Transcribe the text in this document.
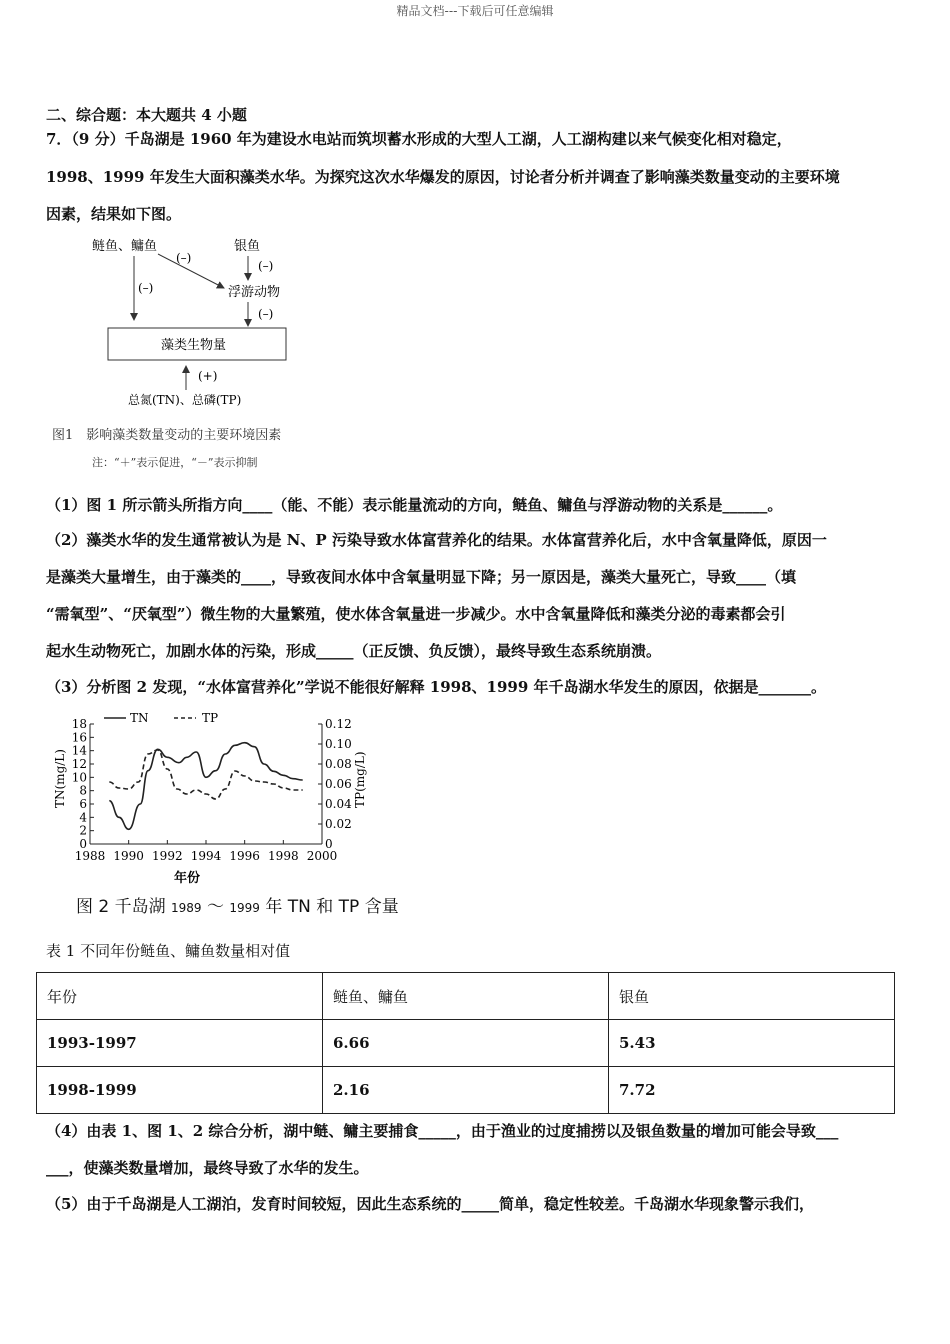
精品文档---下载后可任意编辑
二、综合题：本大题共 4 小题
7．（9 分）千岛湖是 1960 年为建设水电站而筑坝蓄水形成的大型人工湖，人工湖构建以来气候变化相对稳定，
1998、1999 年发生大面积藻类水华。为探究这次水华爆发的原因，讨论者分析并调查了影响藻类数量变动的主要环境
因素，结果如下图。
鲢鱼、鳙鱼	银鱼
浮游动物
(–)
(–)
(–)
(–)
藻类生物量
(+)
总氮(TN)、总磷(TP)
图1　影响藻类数量变动的主要环境因素
注：“＋”表示促进，“－”表示抑制
（1）图 1 所示箭头所指方向____（能、不能）表示能量流动的方向，鲢鱼、鳙鱼与浮游动物的关系是______。
（2）藻类水华的发生通常被认为是 N、P 污染导致水体富营养化的结果。水体富营养化后，水中含氧量降低，原因一
是藻类大量增生，由于藻类的____，导致夜间水体中含氧量明显下降；另一原因是，藻类大量死亡，导致____（填
“需氧型”、“厌氧型”）微生物的大量繁殖，使水体含氧量进一步减少。水中含氧量降低和藻类分泌的毒素都会引
起水生动物死亡，加剧水体的污染，形成_____（正反馈、负反馈），最终导致生态系统崩溃。
（3）分析图 2 发现，“水体富营养化”学说不能很好解释 1998、1999 年千岛湖水华发生的原因，依据是_______。
0
2
4
6
8
10
12
14
16
18
0
0.02
0.04
0.06
0.08
0.10
0.12
1988 1990 1992 1994 1996 1998 2000
TN	TP
TN(mg/L)	TP(mg/L)
年份
图 2 千岛湖 1989 ～ 1999 年 TN 和 TP 含量
表 1 不同年份鲢鱼、鳙鱼数量相对值
年份	鲢鱼、鳙鱼	银鱼
1993-1997	6.66	5.43
1998-1999	2.16	7.72
（4）由表 1、图 1、2 综合分析，湖中鲢、鳙主要捕食_____，由于渔业的过度捕捞以及银鱼数量的增加可能会导致___
___，使藻类数量增加，最终导致了水华的发生。
（5）由于千岛湖是人工湖泊，发育时间较短，因此生态系统的_____简单，稳定性较差。千岛湖水华现象警示我们，
